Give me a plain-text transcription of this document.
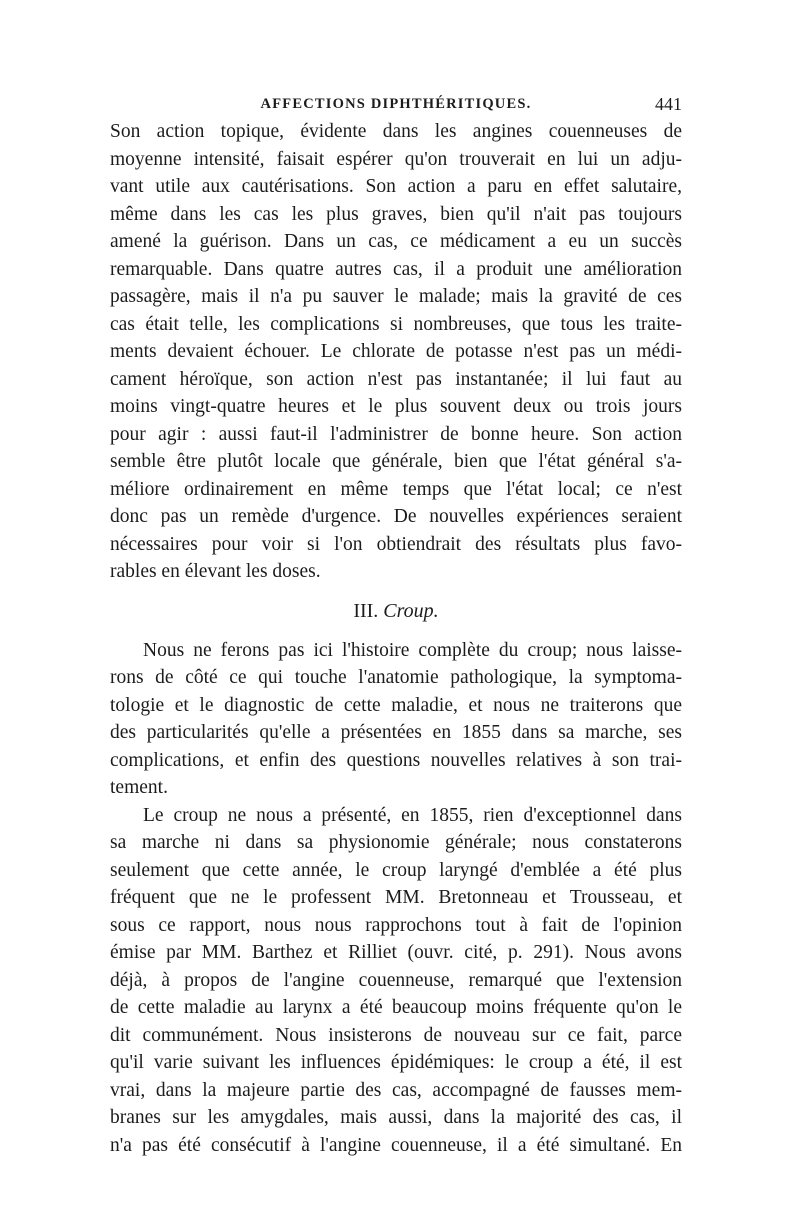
AFFECTIONS DIPHTHÉRITIQUES.	441
Son action topique, évidente dans les angines couenneuses de
moyenne intensité, faisait espérer qu'on trouverait en lui un adju-
vant utile aux cautérisations. Son action a paru en effet salutaire,
même dans les cas les plus graves, bien qu'il n'ait pas toujours
amené la guérison. Dans un cas, ce médicament a eu un succès
remarquable. Dans quatre autres cas, il a produit une amélioration
passagère, mais il n'a pu sauver le malade; mais la gravité de ces
cas était telle, les complications si nombreuses, que tous les traite-
ments devaient échouer. Le chlorate de potasse n'est pas un médi-
cament héroïque, son action n'est pas instantanée; il lui faut au
moins vingt-quatre heures et le plus souvent deux ou trois jours
pour agir : aussi faut-il l'administrer de bonne heure. Son action
semble être plutôt locale que générale, bien que l'état général s'a-
méliore ordinairement en même temps que l'état local; ce n'est
donc pas un remède d'urgence. De nouvelles expériences seraient
nécessaires pour voir si l'on obtiendrait des résultats plus favo-
rables en élevant les doses.
III. Croup.
Nous ne ferons pas ici l'histoire complète du croup; nous laisse-
rons de côté ce qui touche l'anatomie pathologique, la symptoma-
tologie et le diagnostic de cette maladie, et nous ne traiterons que
des particularités qu'elle a présentées en 1855 dans sa marche, ses
complications, et enfin des questions nouvelles relatives à son trai-
tement.
Le croup ne nous a présenté, en 1855, rien d'exceptionnel dans
sa marche ni dans sa physionomie générale; nous constaterons
seulement que cette année, le croup laryngé d'emblée a été plus
fréquent que ne le professent MM. Bretonneau et Trousseau, et
sous ce rapport, nous nous rapprochons tout à fait de l'opinion
émise par MM. Barthez et Rilliet (ouvr. cité, p. 291). Nous avons
déjà, à propos de l'angine couenneuse, remarqué que l'extension
de cette maladie au larynx a été beaucoup moins fréquente qu'on le
dit communément. Nous insisterons de nouveau sur ce fait, parce
qu'il varie suivant les influences épidémiques: le croup a été, il est
vrai, dans la majeure partie des cas, accompagné de fausses mem-
branes sur les amygdales, mais aussi, dans la majorité des cas, il
n'a pas été consécutif à l'angine couenneuse, il a été simultané. En
